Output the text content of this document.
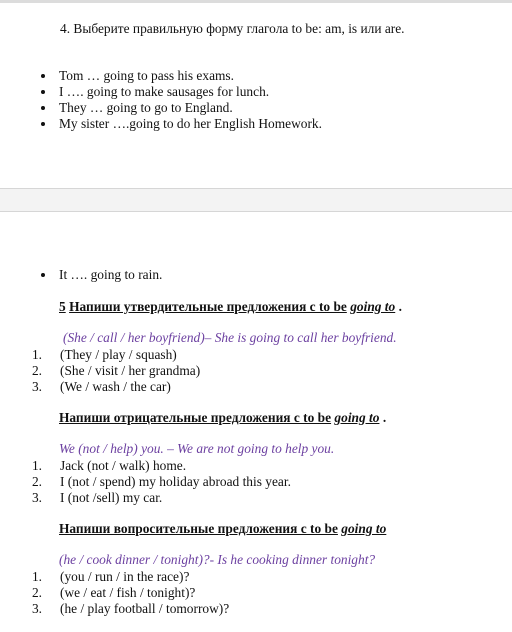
4. Выберите правильную форму глагола to be: am, is или are.
Tom … going to pass his exams.
I …. going to make sausages for lunch.
They … going to go to England.
My sister ….going to do her English Homework.
It …. going to rain.
5 Напиши утвердительные предложения с to be going to .
(She / call / her boyfriend)– She is going to call her boyfriend.
1. (They / play / squash)
2. (She / visit / her grandma)
3. (We / wash / the car)
Напиши отрицательные предложения с to be going to .
We (not / help) you. – We are not going to help you.
1. Jack (not / walk) home.
2. I (not / spend) my holiday abroad this year.
3. I (not /sell) my car.
Напиши вопросительные предложения с to be going to
(he / cook dinner / tonight)?- Is he cooking dinner tonight?
1. (you / run / in the race)?
2. (we / eat / fish / tonight)?
3. (he / play football / tomorrow)?
